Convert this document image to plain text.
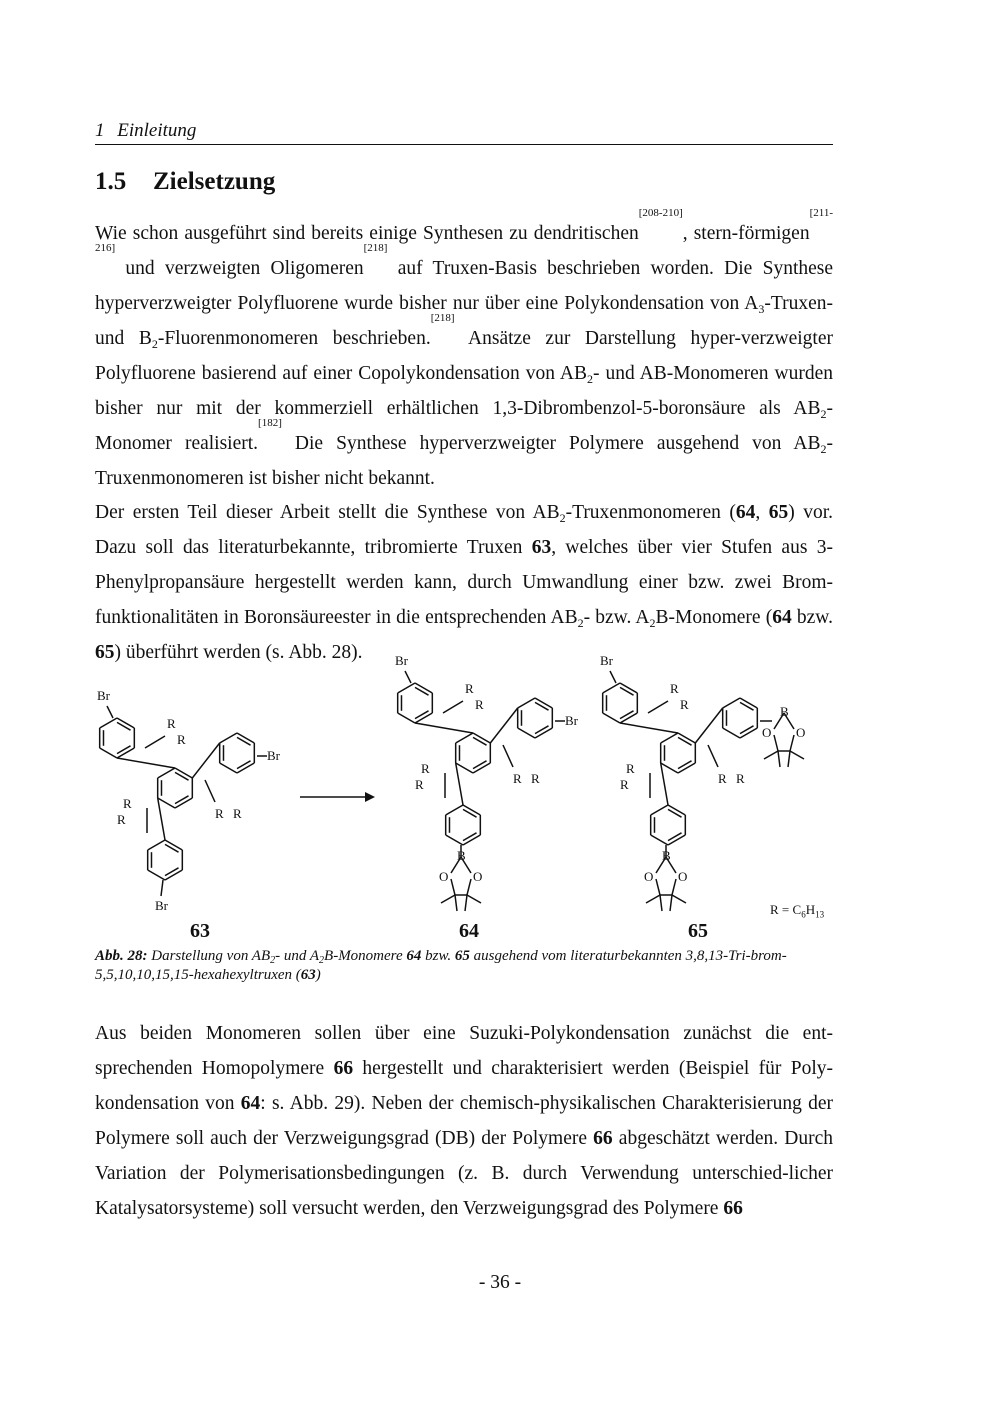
1 Einleitung
1.5 Zielsetzung
Wie schon ausgeführt sind bereits einige Synthesen zu dendritischen[208-210], stern-förmigen[211-216] und verzweigten Oligomeren[218] auf Truxen-Basis beschrieben worden. Die Synthese hyperverzweigter Polyfluorene wurde bisher nur über eine Polykondensation von $A_3-Truxen-$ und $B_2$-Fluorenmonomeren beschrieben.[218] Ansätze zur Darstellung hyper-verzweigter Polyfluorene basierend auf einer Copolykondensation von $AB_2-$ und AB-Monomeren wurden bisher nur mit der kommerziell erhältlichen 1,3-Dibrombenzol-5-boronsäure als $AB_2$-Monomer realisiert.[182] Die Synthese hyperverzweigter Polymere ausgehend von $AB_2$-Truxenmonomeren ist bisher nicht bekannt.
Der ersten Teil dieser Arbeit stellt die Synthese von $AB_2$-Truxenmonomeren (64, 65) vor. Dazu soll das literaturbekannte, tribromierte Truxen 63, welches über vier Stufen aus 3-Phenylpropansäure hergestellt werden kann, durch Umwandlung einer bzw. zwei Brom-funktionalitäten in Boronsäureester in die entsprechenden $AB_2-$ bzw. $A_2B$-Monomere (64 bzw. 65) überführt werden (s. Abb. 28).
R
R
R R
R
R
Br
Br
Br
R
R
R R
R
R
Br
Br
B
O O
R
R
R R
R
R
Br
B
O O
B
O O
63	64	65
$R = C_6H_{13}$
Abb. 28: Darstellung von $AB_2-$ und $A_2B$-Monomere 64 bzw. 65 ausgehend vom literaturbekannten 3,8,13-Tri-brom-5,5,10,10,15,15-hexahexyltruxen (63)
Aus beiden Monomeren sollen über eine Suzuki-Polykondensation zunächst die ent-sprechenden Homopolymere 66 hergestellt und charakterisiert werden (Beispiel für Poly-kondensation von 64: s. Abb. 29). Neben der chemisch-physikalischen Charakterisierung der Polymere soll auch der Verzweigungsgrad (DB) der Polymere 66 abgeschätzt werden. Durch Variation der Polymerisationsbedingungen (z. B. durch Verwendung unterschied-licher Katalysatorsysteme) soll versucht werden, den Verzweigungsgrad des Polymere 66
- 36 -
